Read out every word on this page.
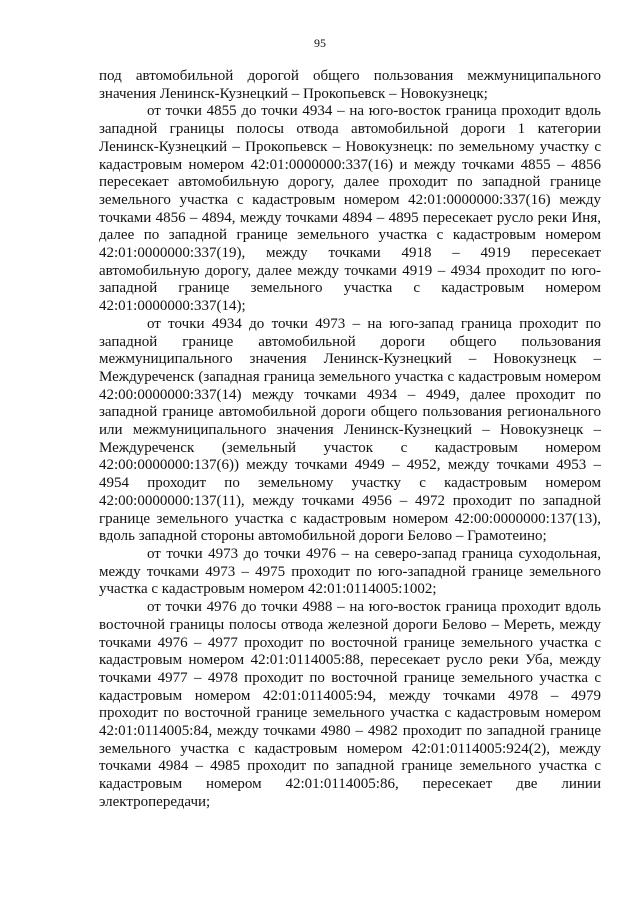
95

под автомобильной дорогой общего пользования межмуниципального значения Ленинск-Кузнецкий – Прокопьевск – Новокузнецк;

от точки 4855 до точки 4934 – на юго-восток граница проходит вдоль западной границы полосы отвода автомобильной дороги 1 категории Ленинск-Кузнецкий – Прокопьевск – Новокузнецк: по земельному участку с кадастровым номером 42:01:0000000:337(16) и между точками 4855 – 4856 пересекает автомобильную дорогу, далее проходит по западной границе земельного участка с кадастровым номером 42:01:0000000:337(16) между точками 4856 – 4894, между точками 4894 – 4895 пересекает русло реки Иня, далее по западной границе земельного участка с кадастровым номером 42:01:0000000:337(19), между точками 4918 – 4919 пересекает автомобильную дорогу, далее между точками 4919 – 4934 проходит по юго-западной границе земельного участка с кадастровым номером 42:01:0000000:337(14);

от точки 4934 до точки 4973 – на юго-запад граница проходит по западной границе автомобильной дороги общего пользования межмуниципального значения Ленинск-Кузнецкий – Новокузнецк – Междуреченск (западная граница земельного участка с кадастровым номером 42:00:0000000:337(14) между точками 4934 – 4949, далее проходит по западной границе автомобильной дороги общего пользования регионального или межмуниципального значения Ленинск-Кузнецкий – Новокузнецк – Междуреченск (земельный участок с кадастровым номером 42:00:0000000:137(6)) между точками 4949 – 4952, между точками 4953 – 4954 проходит по земельному участку с кадастровым номером 42:00:0000000:137(11), между точками 4956 – 4972 проходит по западной границе земельного участка с кадастровым номером 42:00:0000000:137(13), вдоль западной стороны автомобильной дороги Белово – Грамотеино;

от точки 4973 до точки 4976 – на северо-запад граница суходольная, между точками 4973 – 4975 проходит по юго-западной границе земельного участка с кадастровым номером 42:01:0114005:1002;

от точки 4976 до точки 4988 – на юго-восток граница проходит вдоль восточной границы полосы отвода железной дороги Белово – Мереть, между точками 4976 – 4977 проходит по восточной границе земельного участка с кадастровым номером 42:01:0114005:88, пересекает русло реки Уба, между точками 4977 – 4978 проходит по восточной границе земельного участка с кадастровым номером 42:01:0114005:94, между точками 4978 – 4979 проходит по восточной границе земельного участка с кадастровым номером 42:01:0114005:84, между точками 4980 – 4982 проходит по западной границе земельного участка с кадастровым номером 42:01:0114005:924(2), между точками 4984 – 4985 проходит по западной границе земельного участка с кадастровым номером 42:01:0114005:86, пересекает две линии электропередачи;
